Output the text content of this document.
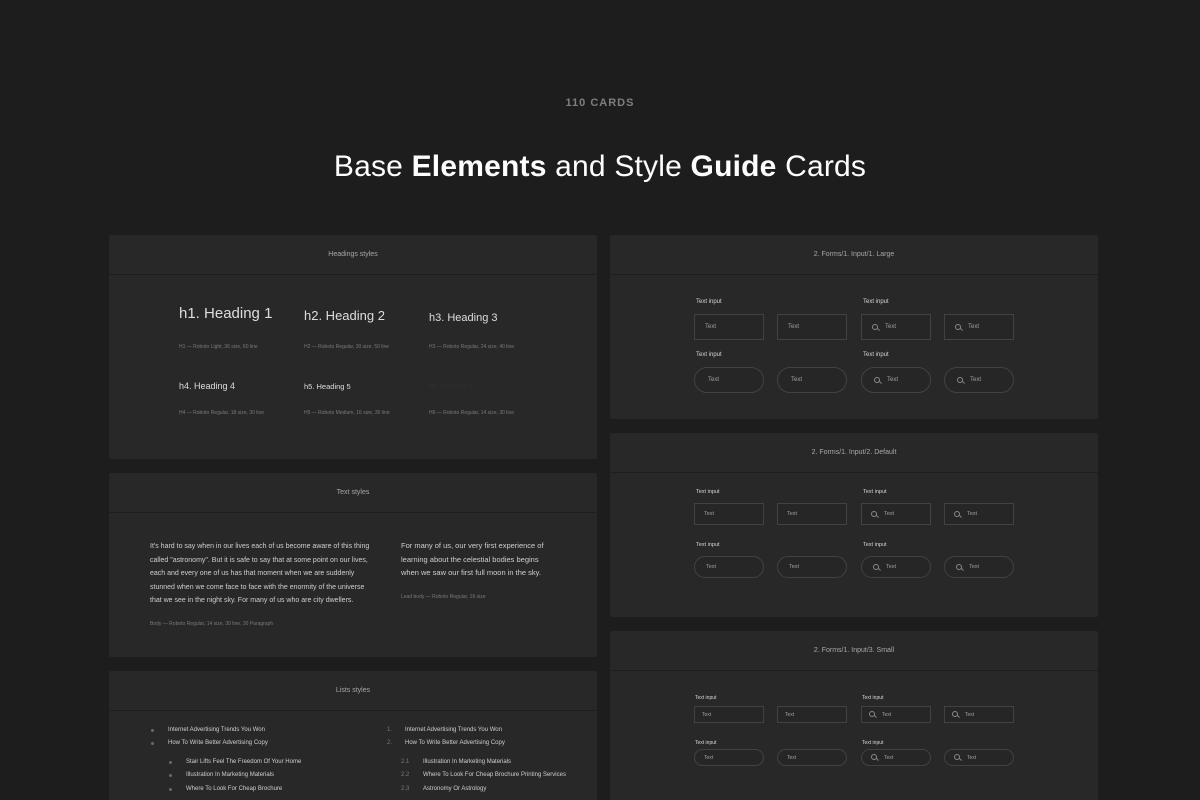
110 CARDS
Base Elements and Style Guide Cards
Headings styles
h1. Heading 1
H1 — Roboto Light, 36 size, 60 line
h2. Heading 2
H2 — Roboto Regular, 30 size, 50 line
h3. Heading 3
H3 — Roboto Regular, 24 size, 40 line
h4. Heading 4
H4 — Roboto Regular, 18 size, 30 line
h5. Heading 5
H5 — Roboto Medium, 16 size, 30 line
h6. Heading 6
H6 — Roboto Regular, 14 size, 30 line
Text styles
It's hard to say when in our lives each of us become aware of this thing
called "astronomy". But it is safe to say that at some point on our lives,
each and every one of us has that moment when we are suddenly
stunned when we come face to face with the enormity of the universe
that we see in the night sky. For many of us who are city dwellers.
Body — Roboto Regular, 14 size, 30 line, 30 Paragraph
For many of us, our very first experience of
learning about the celestial bodies begins
when we saw our first full moon in the sky.
Lead body — Roboto Regular, 16 size
Lists styles
Internet Advertising Trends You Won
How To Write Better Advertising Copy
Stair Lifts Feel The Freedom Of Your Home
Illustration In Marketing Materials
Where To Look For Cheap Brochure
1. Internet Advertising Trends You Won
2. How To Write Better Advertising Copy
2.1 Illustration In Marketing Materials
2.2 Where To Look For Cheap Brochure Printing Services
2.3 Astronomy Or Astrology
2. Forms/1. Input/1. Large
Text input	Text input
Text	Text	Text	Text
Text input	Text input
Text	Text	Text	Text
2. Forms/1. Input/2. Default
Text input	Text input
Text	Text	Text	Text
Text input	Text input
Text	Text	Text	Text
2. Forms/1. Input/3. Small
Text input	Text input
Text	Text	Text	Text
Text input	Text input
Text	Text	Text	Text
